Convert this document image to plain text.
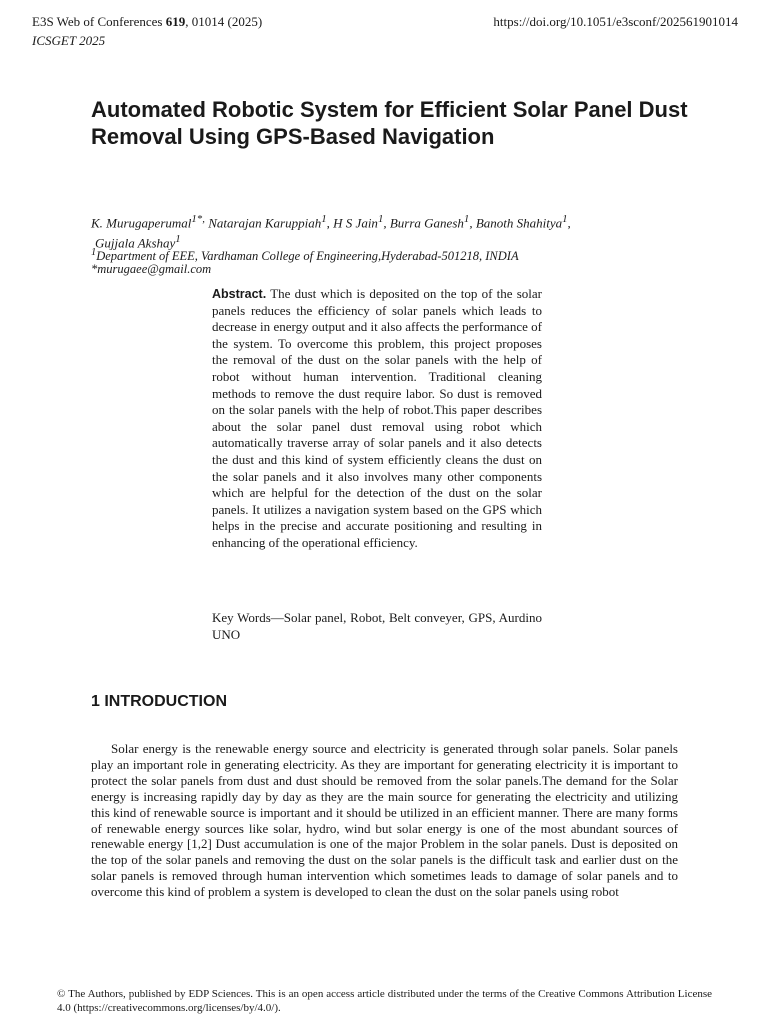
E3S Web of Conferences 619, 01014 (2025)
ICSGET 2025
https://doi.org/10.1051/e3sconf/202561901014
Automated Robotic System for Efficient Solar Panel Dust Removal Using GPS-Based Navigation
K. Murugaperumal$^{1*,}$ Natarajan Karuppiah$^1$, H S Jain$^1$, Burra Ganesh$^1$, Banoth Shahitya$^1$,
Gujjala Akshay$^1$
$^1$Department of EEE, Vardhaman College of Engineering,Hyderabad-501218, INDIA
*murugaee@gmail.com

Abstract. The dust which is deposited on the top of the solar panels reduces the efficiency of solar panels which leads to decrease in energy output and it also affects the performance of the system. To overcome this problem, this project proposes the removal of the dust on the solar panels with the help of robot without human intervention. Traditional cleaning methods to remove the dust require labor. So dust is removed on the solar panels with the help of robot.This paper describes about the solar panel dust removal using robot which automatically traverse array of solar panels and it also detects the dust and this kind of system efficiently cleans the dust on the solar panels and it also involves many other components which are helpful for the detection of the dust on the solar panels. It utilizes a navigation system based on the GPS which helps in the precise and accurate positioning and resulting in enhancing of the operational efficiency.

Key Words—Solar panel, Robot, Belt conveyer, GPS, Aurdino UNO

1 INTRODUCTION

Solar energy is the renewable energy source and electricity is generated through solar panels. Solar panels play an important role in generating electricity. As they are important for generating electricity it is important to protect the solar panels from dust and dust should be removed from the solar panels.The demand for the Solar energy is increasing rapidly day by day as they are the main source for generating the electricity and utilizing this kind of renewable source is important and it should be utilized in an efficient manner. There are many forms of renewable energy sources like solar, hydro, wind but solar energy is one of the most abundant sources of renewable energy [1,2] Dust accumulation is one of the major Problem in the solar panels. Dust is deposited on the top of the solar panels and removing the dust on the solar panels is the difficult task and earlier dust on the solar panels is removed through human intervention which sometimes leads to damage of solar panels and to overcome this kind of problem a system is developed to clean the dust on the solar panels using robot

© The Authors, published by EDP Sciences. This is an open access article distributed under the terms of the Creative Commons Attribution License 4.0 (https://creativecommons.org/licenses/by/4.0/).
